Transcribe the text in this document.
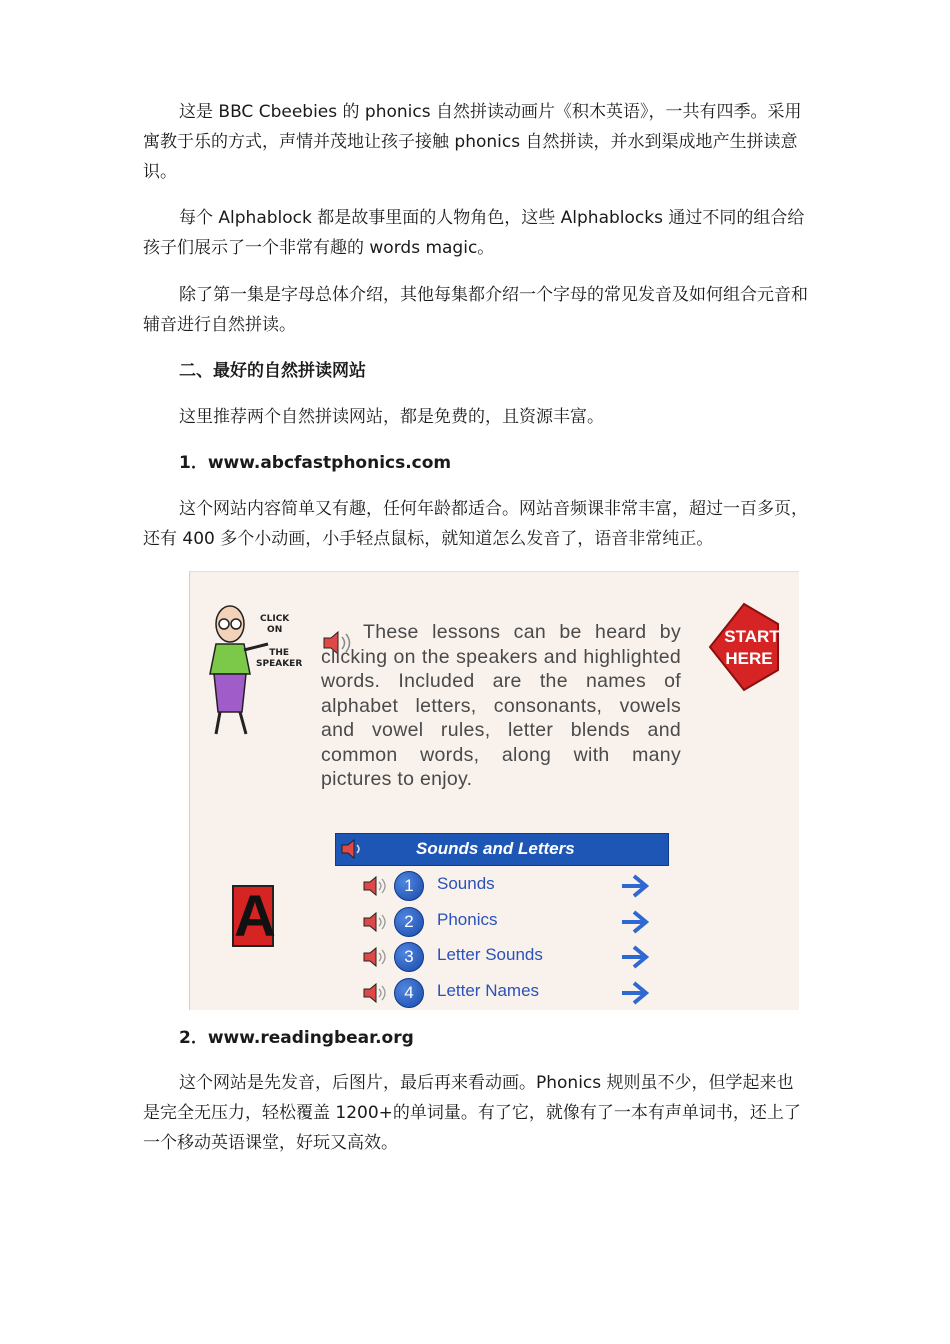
这是 BBC Cbeebies 的 phonics 自然拼读动画片《积木英语》，一共有四季。采用寓教于乐的方式，声情并茂地让孩子接触 phonics 自然拼读，并水到渠成地产生拼读意识。

每个 Alphablock 都是故事里面的人物角色，这些 Alphablocks 通过不同的组合给孩子们展示了一个非常有趣的 words magic。

除了第一集是字母总体介绍，其他每集都介绍一个字母的常见发音及如何组合元音和辅音进行自然拼读。

二、最好的自然拼读网站

这里推荐两个自然拼读网站，都是免费的，且资源丰富。

1．www.abcfastphonics.com

这个网站内容简单又有趣，任何年龄都适合。网站音频课非常丰富，超过一百多页，还有 400 多个小动画，小手轻点鼠标，就知道怎么发音了，语音非常纯正。

CLICK
ON
THE
SPEAKER
These lessons can be heard by clicking on the speakers and highlighted words. Included are the names of alphabet letters, consonants, vowels and vowel rules, letter blends and common words, along with many pictures to enjoy.
START
HERE
Sounds and Letters
1	Sounds
2	Phonics
3	Letter Sounds
4	Letter Names
A

2．www.readingbear.org

这个网站是先发音，后图片，最后再来看动画。Phonics 规则虽不少，但学起来也是完全无压力，轻松覆盖 1200+的单词量。有了它，就像有了一本有声单词书，还上了一个移动英语课堂，好玩又高效。
